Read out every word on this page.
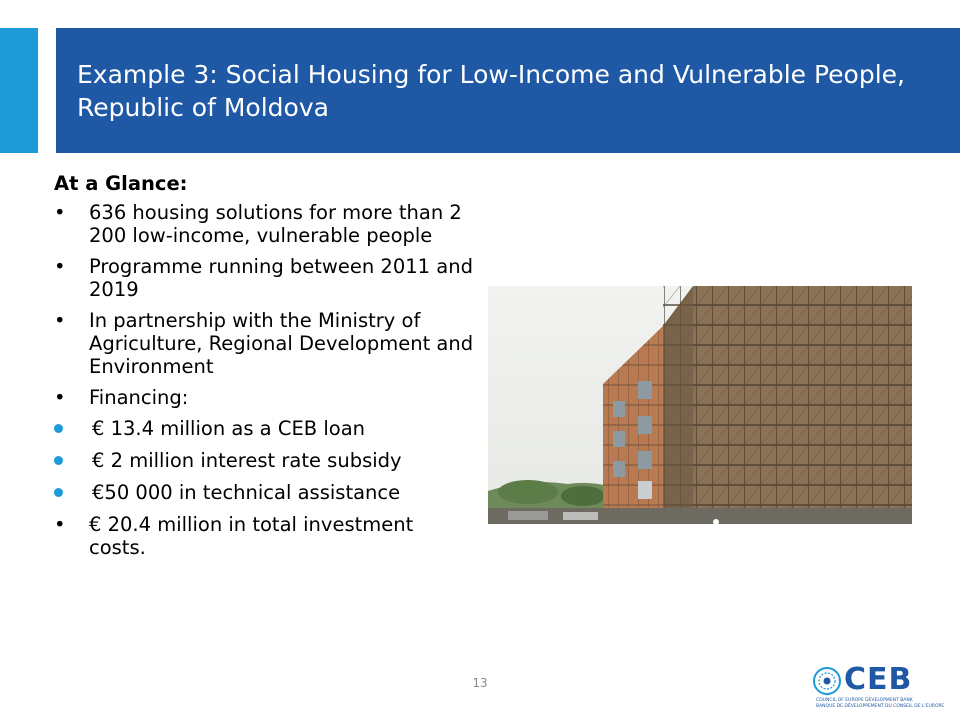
Example 3: Social Housing for Low-Income and Vulnerable People, Republic of Moldova
At a Glance:
•	636 housing solutions for more than 2 200 low-income, vulnerable people
•	Programme running between 2011 and 2019
•	In partnership with the Ministry of Agriculture, Regional Development and Environment
•	Financing:
€ 13.4 million as a CEB loan
€ 2 million interest rate subsidy
€50 000 in technical assistance
•	€ 20.4 million in total investment costs.
13	CEB
COUNCIL OF EUROPE DEVELOPMENT BANK
BANQUE DE DÉVELOPPEMENT DU CONSEIL DE L'EUROPE
